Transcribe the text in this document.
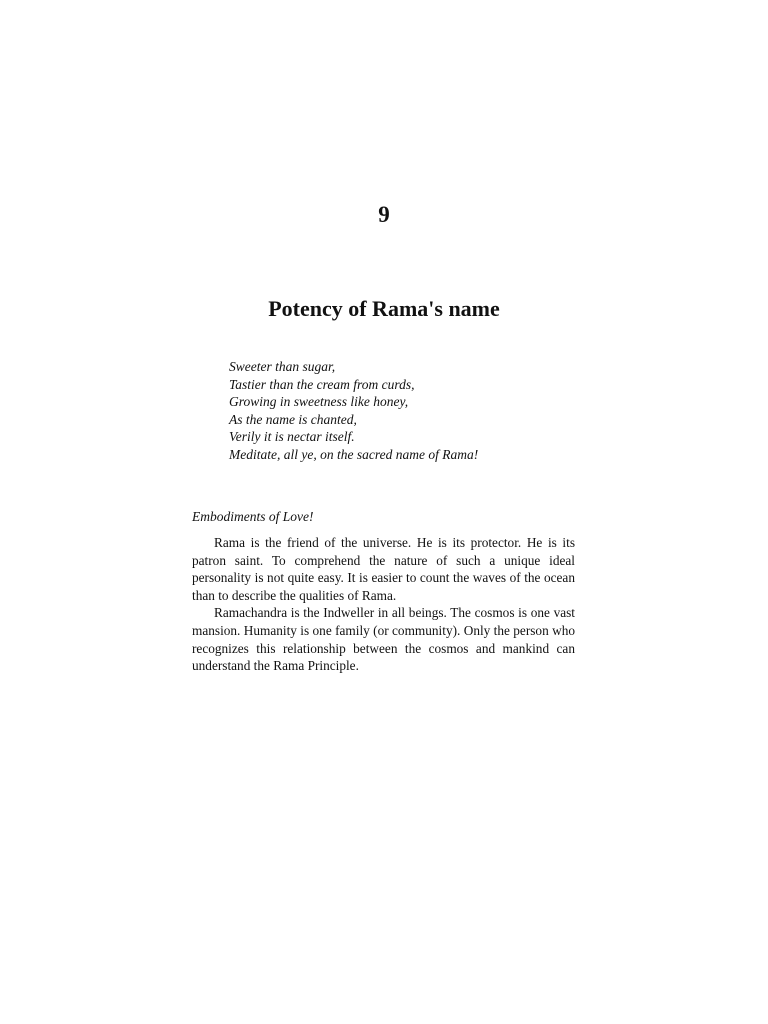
9
Potency of Rama's name
Sweeter than sugar,
Tastier than the cream from curds,
Growing in sweetness like honey,
As the name is chanted,
Verily it is nectar itself.
Meditate, all ye, on the sacred name of Rama!
Embodiments of Love!

Rama is the friend of the universe. He is its protector. He is its patron saint. To comprehend the nature of such a unique ideal personality is not quite easy. It is easier to count the waves of the ocean than to describe the qualities of Rama.

Ramachandra is the Indweller in all beings. The cosmos is one vast mansion. Humanity is one family (or community). Only the person who recognizes this relationship between the cosmos and mankind can understand the Rama Principle.
